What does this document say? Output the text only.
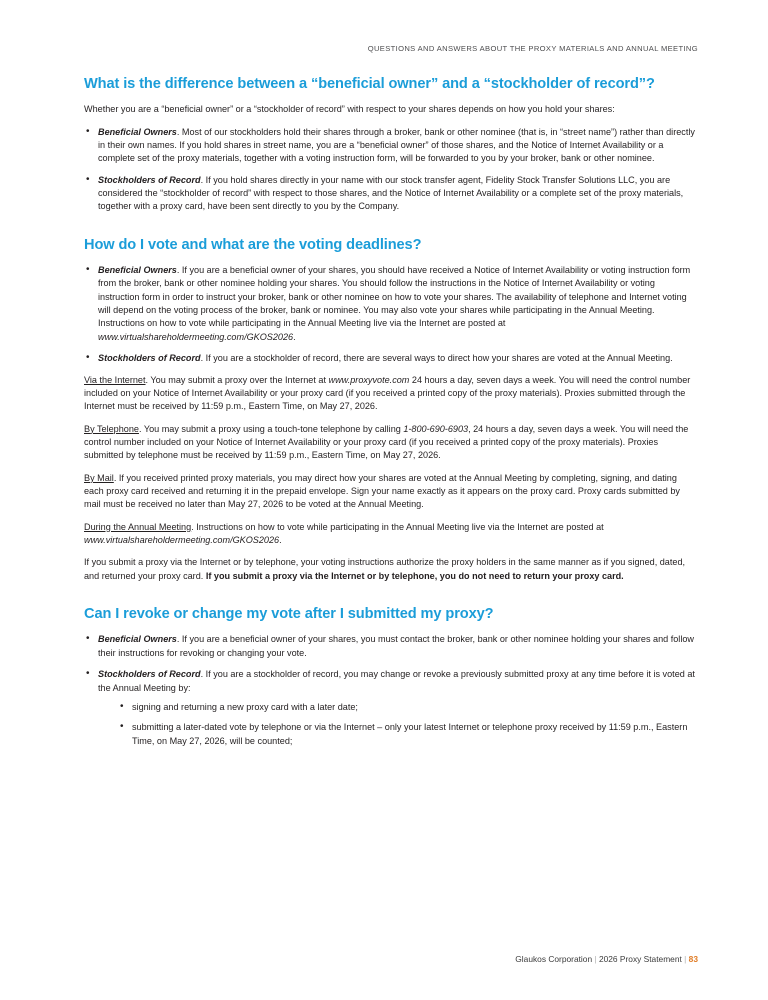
QUESTIONS AND ANSWERS ABOUT THE PROXY MATERIALS AND ANNUAL MEETING
What is the difference between a “beneficial owner” and a “stockholder of record”?

Whether you are a “beneficial owner” or a “stockholder of record” with respect to your shares depends on how you hold your shares:

• Beneficial Owners. Most of our stockholders hold their shares through a broker, bank or other nominee (that is, in “street name”) rather than directly in their own names. If you hold shares in street name, you are a “beneficial owner” of those shares, and the Notice of Internet Availability or a complete set of the proxy materials, together with a voting instruction form, will be forwarded to you by your broker, bank or other nominee.
• Stockholders of Record. If you hold shares directly in your name with our stock transfer agent, Fidelity Stock Transfer Solutions LLC, you are considered the “stockholder of record” with respect to those shares, and the Notice of Internet Availability or a complete set of the proxy materials, together with a proxy card, have been sent directly to you by the Company.
How do I vote and what are the voting deadlines?
• Beneficial Owners. If you are a beneficial owner of your shares, you should have received a Notice of Internet Availability or voting instruction form from the broker, bank or other nominee holding your shares. You should follow the instructions in the Notice of Internet Availability or voting instruction form in order to instruct your broker, bank or other nominee on how to vote your shares. The availability of telephone and Internet voting will depend on the voting process of the broker, bank or nominee. You may also vote your shares while participating in the Annual Meeting. Instructions on how to vote while participating in the Annual Meeting live via the Internet are posted at www.virtualshareholdermeeting.com/GKOS2026.
• Stockholders of Record. If you are a stockholder of record, there are several ways to direct how your shares are voted at the Annual Meeting.

Via the Internet. You may submit a proxy over the Internet at www.proxyvote.com 24 hours a day, seven days a week. You will need the control number included on your Notice of Internet Availability or your proxy card (if you received a printed copy of the proxy materials). Proxies submitted through the Internet must be received by 11:59 p.m., Eastern Time, on May 27, 2026.

By Telephone. You may submit a proxy using a touch-tone telephone by calling 1-800-690-6903, 24 hours a day, seven days a week. You will need the control number included on your Notice of Internet Availability or your proxy card (if you received a printed copy of the proxy materials). Proxies submitted by telephone must be received by 11:59 p.m., Eastern Time, on May 27, 2026.

By Mail. If you received printed proxy materials, you may direct how your shares are voted at the Annual Meeting by completing, signing, and dating each proxy card received and returning it in the prepaid envelope. Sign your name exactly as it appears on the proxy card. Proxy cards submitted by mail must be received no later than May 27, 2026 to be voted at the Annual Meeting.

During the Annual Meeting. Instructions on how to vote while participating in the Annual Meeting live via the Internet are posted at www.virtualshareholdermeeting.com/GKOS2026.

If you submit a proxy via the Internet or by telephone, your voting instructions authorize the proxy holders in the same manner as if you signed, dated, and returned your proxy card. If you submit a proxy via the Internet or by telephone, you do not need to return your proxy card.

Can I revoke or change my vote after I submitted my proxy?
• Beneficial Owners. If you are a beneficial owner of your shares, you must contact the broker, bank or other nominee holding your shares and follow their instructions for revoking or changing your vote.
• Stockholders of Record. If you are a stockholder of record, you may change or revoke a previously submitted proxy at any time before it is voted at the Annual Meeting by:
• signing and returning a new proxy card with a later date;
• submitting a later-dated vote by telephone or via the Internet – only your latest Internet or telephone proxy received by 11:59 p.m., Eastern Time, on May 27, 2026, will be counted;
Glaukos Corporation | 2026 Proxy Statement | 83
